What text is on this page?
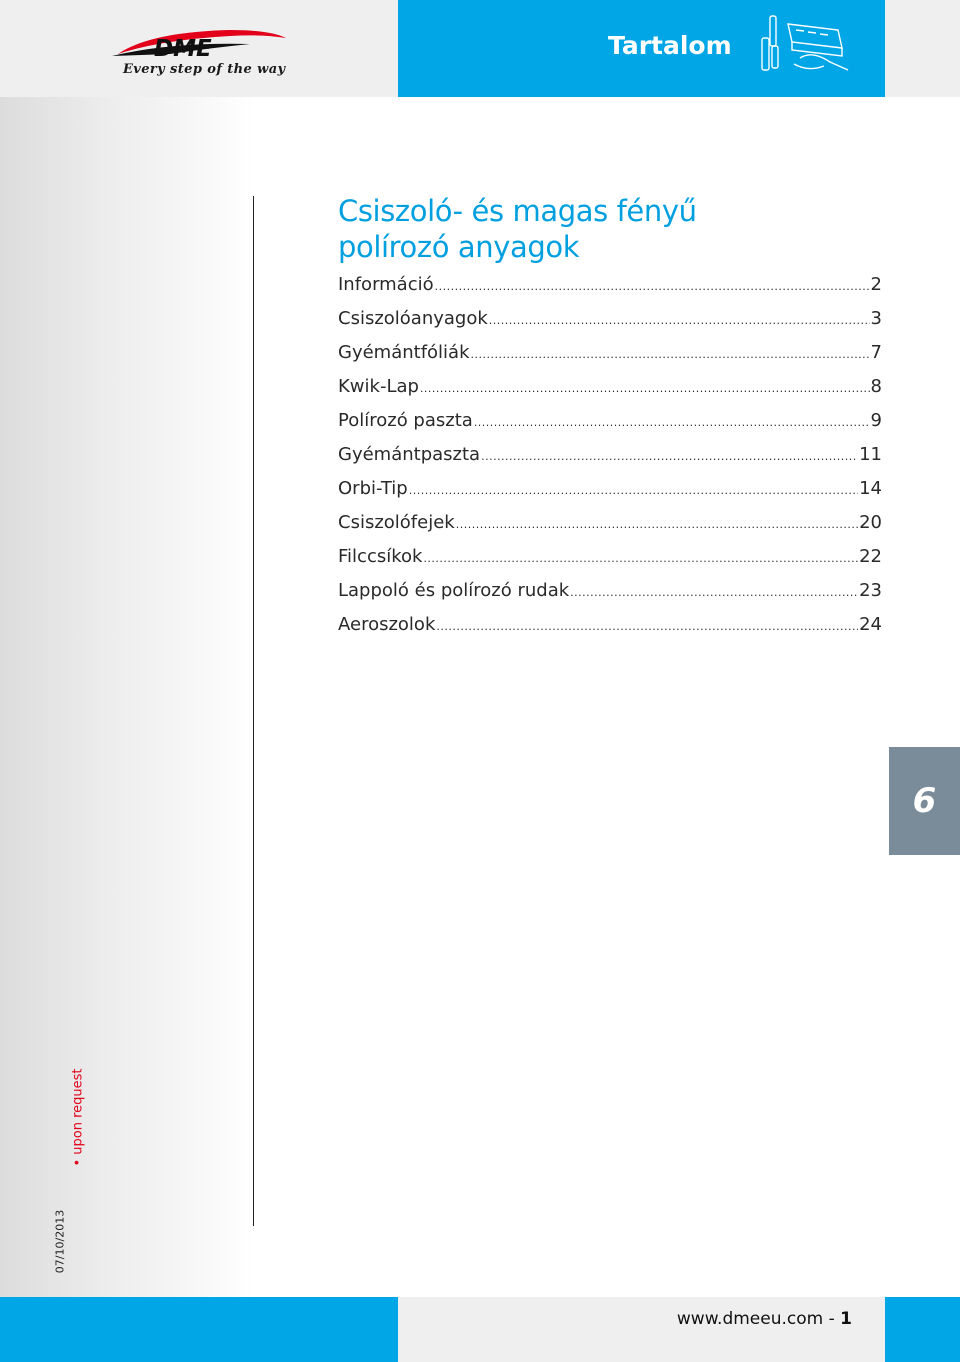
DME
Every step of the way
Tartalom
Csiszoló- és magas fényű
polírozó anyagok
Információ .....	2
Csiszolóanyagok .....	3
Gyémántfóliák .....	7
Kwik-Lap .....	8
Polírozó paszta .....	9
Gyémántpaszta .....	11
Orbi-Tip .....	14
Csiszolófejek .....	20
Filccsíkok .....	22
Lappoló és polírozó rudak .....	23
Aeroszolok .....	24
6
• upon request
07/10/2013
www.dmeeu.com - 1
